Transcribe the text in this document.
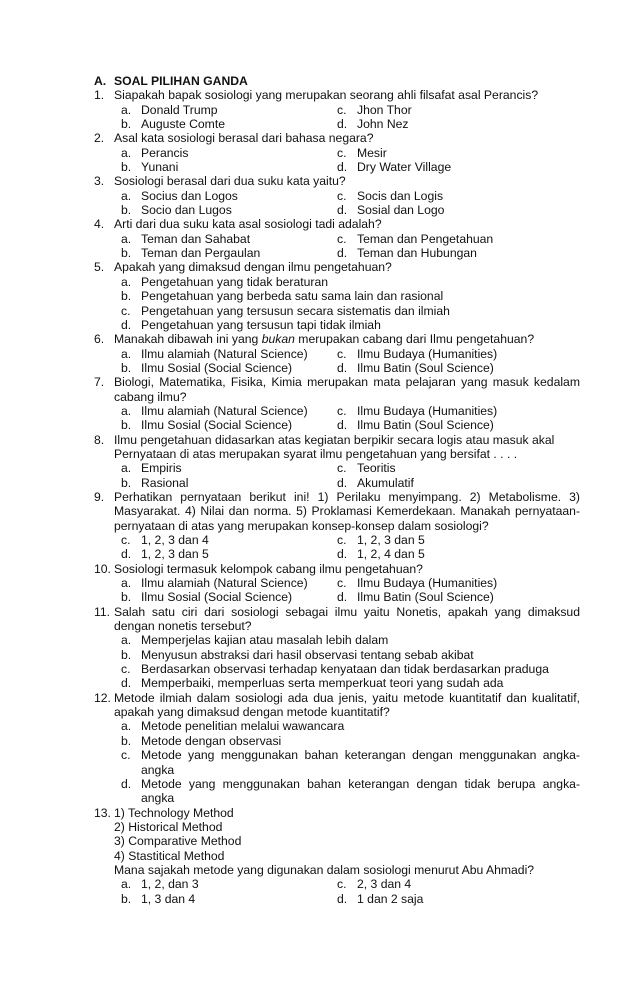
A. SOAL PILIHAN GANDA
1. Siapakah bapak sosiologi yang merupakan seorang ahli filsafat asal Perancis?
a. Donald Trump	c. Jhon Thor
b. Auguste Comte	d. John Nez
2. Asal kata sosiologi berasal dari bahasa negara?
a. Perancis	c. Mesir
b. Yunani	d. Dry Water Village
3. Sosiologi berasal dari dua suku kata yaitu?
a. Socius dan Logos	c. Socis dan Logis
b. Socio dan Lugos	d. Sosial dan Logo
4. Arti dari dua suku kata asal sosiologi tadi adalah?
a. Teman dan Sahabat	c. Teman dan Pengetahuan
b. Teman dan Pergaulan	d. Teman dan Hubungan
5. Apakah yang dimaksud dengan ilmu pengetahuan?
a. Pengetahuan yang tidak beraturan
b. Pengetahuan yang berbeda satu sama lain dan rasional
c. Pengetahuan yang tersusun secara sistematis dan ilmiah
d. Pengetahuan yang tersusun tapi tidak ilmiah
6. Manakah dibawah ini yang bukan merupakan cabang dari Ilmu pengetahuan?
a. Ilmu alamiah (Natural Science)	c. Ilmu Budaya (Humanities)
b. Ilmu Sosial (Social Science)	d. Ilmu Batin (Soul Science)
7. Biologi, Matematika, Fisika, Kimia merupakan mata pelajaran yang masuk kedalam cabang ilmu?
a. Ilmu alamiah (Natural Science)	c. Ilmu Budaya (Humanities)
b. Ilmu Sosial (Social Science)	d. Ilmu Batin (Soul Science)
8. Ilmu pengetahuan didasarkan atas kegiatan berpikir secara logis atau masuk akal
Pernyataan di atas merupakan syarat ilmu pengetahuan yang bersifat . . . .
a. Empiris	c. Teoritis
b. Rasional	d. Akumulatif
9. Perhatikan pernyataan berikut ini! 1) Perilaku menyimpang. 2) Metabolisme. 3) Masyarakat. 4) Nilai dan norma. 5) Proklamasi Kemerdekaan. Manakah pernyataan-pernyataan di atas yang merupakan konsep-konsep dalam sosiologi?
c. 1, 2, 3 dan 4	c. 1, 2, 3 dan 5
d. 1, 2, 3 dan 5	d. 1, 2, 4 dan 5
10. Sosiologi termasuk kelompok cabang ilmu pengetahuan?
a. Ilmu alamiah (Natural Science)	c. Ilmu Budaya (Humanities)
b. Ilmu Sosial (Social Science)	d. Ilmu Batin (Soul Science)
11. Salah satu ciri dari sosiologi sebagai ilmu yaitu Nonetis, apakah yang dimaksud dengan nonetis tersebut?
a. Memperjelas kajian atau masalah lebih dalam
b. Menyusun abstraksi dari hasil observasi tentang sebab akibat
c. Berdasarkan observasi terhadap kenyataan dan tidak berdasarkan praduga
d. Memperbaiki, memperluas serta memperkuat teori yang sudah ada
12. Metode ilmiah dalam sosiologi ada dua jenis, yaitu metode kuantitatif dan kualitatif, apakah yang dimaksud dengan metode kuantitatif?
a. Metode penelitian melalui wawancara
b. Metode dengan observasi
c. Metode yang menggunakan bahan keterangan dengan menggunakan angka-angka
d. Metode yang menggunakan bahan keterangan dengan tidak berupa angka-angka
13. 1) Technology Method
2) Historical Method
3) Comparative Method
4) Stastitical Method
Mana sajakah metode yang digunakan dalam sosiologi menurut Abu Ahmadi?
a. 1, 2, dan 3	c. 2, 3 dan 4
b. 1, 3 dan 4	d. 1 dan 2 saja
